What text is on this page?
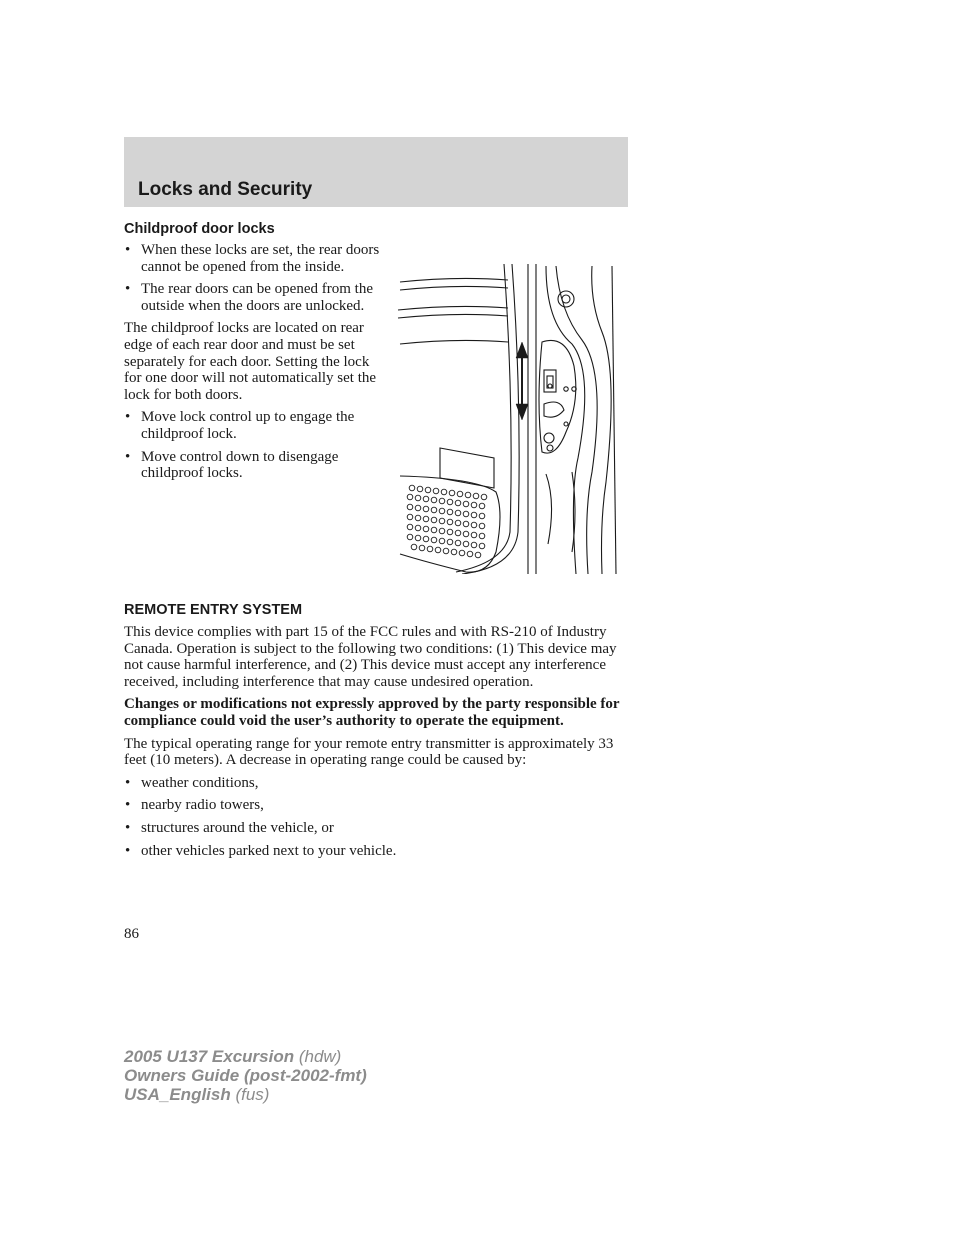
Locks and Security
Childproof door locks
• When these locks are set, the rear doors cannot be opened from the inside.
• The rear doors can be opened from the outside when the doors are unlocked.

The childproof locks are located on rear edge of each rear door and must be set separately for each door. Setting the lock for one door will not automatically set the lock for both doors.

• Move lock control up to engage the childproof lock.
• Move control down to disengage childproof locks.
REMOTE ENTRY SYSTEM

This device complies with part 15 of the FCC rules and with RS-210 of Industry Canada. Operation is subject to the following two conditions: (1) This device may not cause harmful interference, and (2) This device must accept any interference received, including interference that may cause undesired operation.

Changes or modifications not expressly approved by the party responsible for compliance could void the user’s authority to operate the equipment.

The typical operating range for your remote entry transmitter is approximately 33 feet (10 meters). A decrease in operating range could be caused by:

• weather conditions,
• nearby radio towers,
• structures around the vehicle, or
• other vehicles parked next to your vehicle.

86

2005 U137 Excursion (hdw)

Owners Guide (post-2002-fmt)

USA_English (fus)
